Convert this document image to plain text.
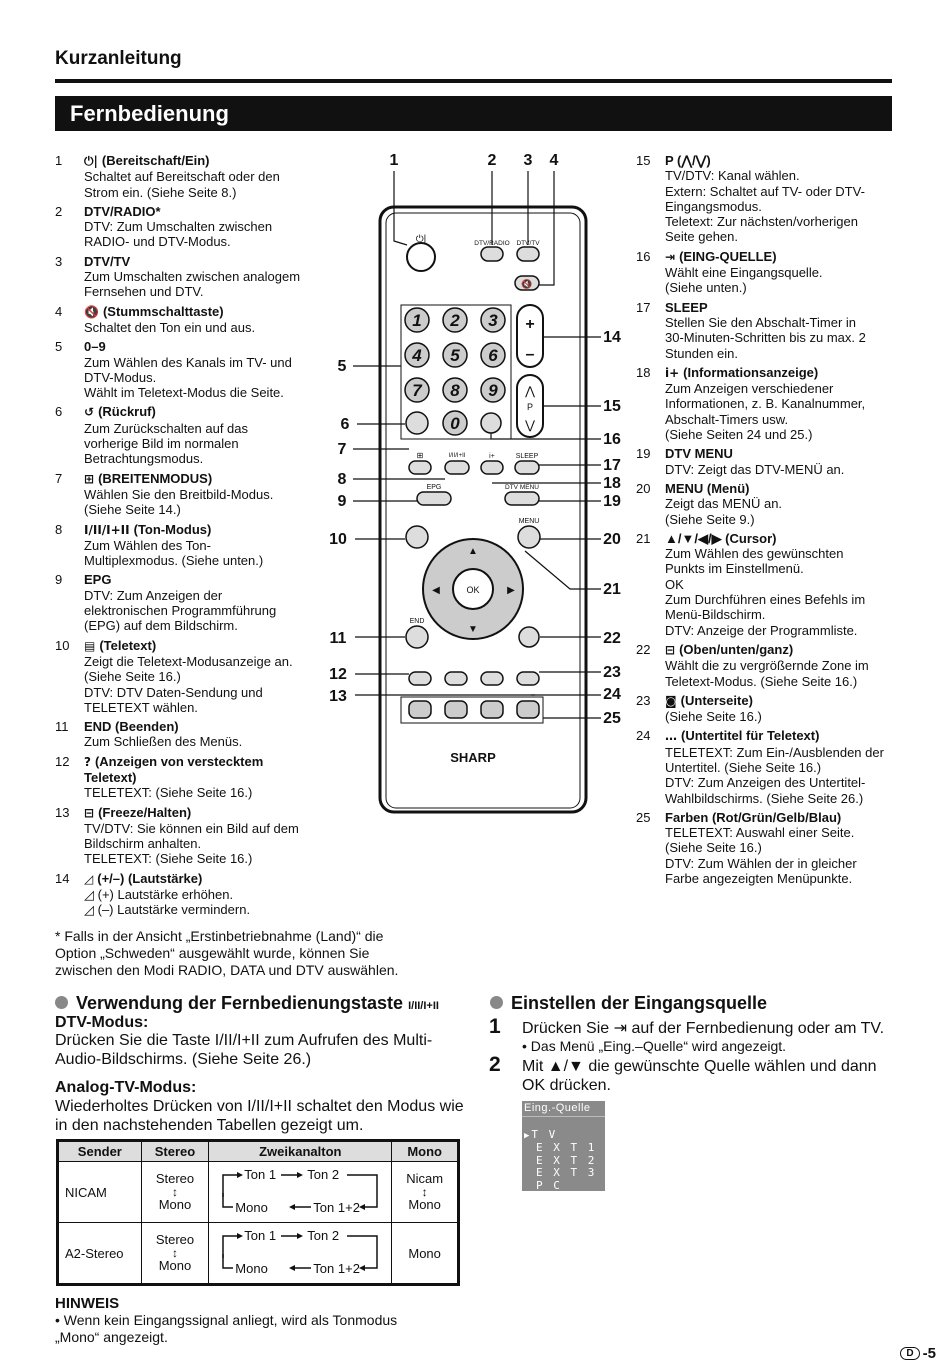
Kurzanleitung
Fernbedienung
1 ⏻| (Bereitschaft/Ein)
Schaltet auf Bereitschaft oder den
Strom ein. (Siehe Seite 8.)
2 DTV/RADIO*
DTV: Zum Umschalten zwischen
RADIO- und DTV-Modus.
3 DTV/TV
Zum Umschalten zwischen analogem
Fernsehen und DTV.
4 🔇 (Stummschalttaste)
Schaltet den Ton ein und aus.
5 0–9
Zum Wählen des Kanals im TV- und
DTV-Modus.
Wählt im Teletext-Modus die Seite.
6 ↺ (Rückruf)
Zum Zurückschalten auf das
vorherige Bild im normalen
Betrachtungsmodus.
7 ⊞ (BREITENMODUS)
Wählen Sie den Breitbild-Modus.
(Siehe Seite 14.)
8 I/II/I+II (Ton-Modus)
Zum Wählen des Ton-
Multiplexmodus. (Siehe unten.)
9 EPG
DTV: Zum Anzeigen der
elektronischen Programmführung
(EPG) auf dem Bildschirm.
10 ▤ (Teletext)
Zeigt die Teletext-Modusanzeige an.
(Siehe Seite 16.)
DTV: DTV Daten-Sendung und
TELETEXT wählen.
11 END (Beenden)
Zum Schließen des Menüs.
12 ? (Anzeigen von verstecktem
Teletext)
TELETEXT: (Siehe Seite 16.)
13 ⊟ (Freeze/Halten)
TV/DTV: Sie können ein Bild auf dem
Bildschirm anhalten.
TELETEXT: (Siehe Seite 16.)
14 ◿ (+/–) (Lautstärke)
◿ (+) Lautstärke erhöhen.
◿ (–) Lautstärke vermindern.
15 P (⋀/⋁)
TV/DTV: Kanal wählen.
Extern: Schaltet auf TV- oder DTV-
Eingangsmodus.
Teletext: Zur nächsten/vorherigen
Seite gehen.
16 ⇥ (EING-QUELLE)
Wählt eine Eingangsquelle.
(Siehe unten.)
17 SLEEP
Stellen Sie den Abschalt-Timer in
30-Minuten-Schritten bis zu max. 2
Stunden ein.
18 i+ (Informationsanzeige)
Zum Anzeigen verschiedener
Informationen, z. B. Kanalnummer,
Abschalt-Timers usw.
(Siehe Seiten 24 und 25.)
19 DTV MENU
DTV: Zeigt das DTV-MENÜ an.
20 MENU (Menü)
Zeigt das MENÜ an.
(Siehe Seite 9.)
21 ▲/▼/◀/▶ (Cursor)
Zum Wählen des gewünschten
Punkts im Einstellmenü.
OK
Zum Durchführen eines Befehls im
Menü-Bildschirm.
DTV: Anzeige der Programmliste.
22 ⊟ (Oben/unten/ganz)
Wählt die zu vergrößernde Zone im
Teletext-Modus. (Siehe Seite 16.)
23 ◙ (Unterseite)
(Siehe Seite 16.)
24 … (Untertitel für Teletext)
TELETEXT: Zum Ein-/Ausblenden der
Untertitel. (Siehe Seite 16.)
DTV: Zum Anzeigen des Untertitel-
Wahlbildschirms. (Siehe Seite 26.)
25 Farben (Rot/Grün/Gelb/Blau)
TELETEXT: Auswahl einer Seite.
(Siehe Seite 16.)
DTV: Zum Wählen der in gleicher
Farbe angezeigten Menüpunkte.
⏻|	DTV/RADIO DTV/TV
🔇
1 2 3
4 5 6
7 8 9
0
+
–
⋀
P
⋁
⊞	I/II/I+II	i+	SLEEP
EPG	DTV MENU
MENU
OK
▲
▼
◀	▶
END
SHARP
1	2 3 4
5
6
7
8
9
10
11
12
13
14
15
16
17
18
19
20
21
22
23
24
25
* Falls in der Ansicht „Erstinbetriebnahme (Land)“ die
Option „Schweden“ ausgewählt wurde, können Sie
zwischen den Modi RADIO, DATA und DTV auswählen.
Verwendung der Fernbedienungstaste I/II/I+II
DTV-Modus:
Drücken Sie die Taste I/II/I+II zum Aufrufen des Multi-Audio-Bildschirms. (Siehe Seite 26.)
Analog-TV-Modus:
Wiederholtes Drücken von I/II/I+II schaltet den Modus wie in den nachstehenden Tabellen gezeigt um.
Sender	Stereo	Zweikanalton	Mono
NICAM	Stereo
↕
Mono	Ton 1 Ton 2
Mono Ton 1+2	Nicam
↕
Mono

A2-Stereo	Stereo
↕
Mono	Ton 1 Ton 2
Mono Ton 1+2	Mono
HINWEIS
• Wenn kein Eingangssignal anliegt, wird als Tonmodus
„Mono“ angezeigt.
Einstellen der Eingangsquelle
1 Drücken Sie ⇥ auf der Fernbedienung oder am TV.
• Das Menü „Eing.–Quelle“ wird angezeigt.
2 Mit ▲/▼ die gewünschte Quelle wählen und dann OK drücken.
Eing.-Quelle
▶T V
E X T 1
E X T 2
E X T 3
P C
D -5
